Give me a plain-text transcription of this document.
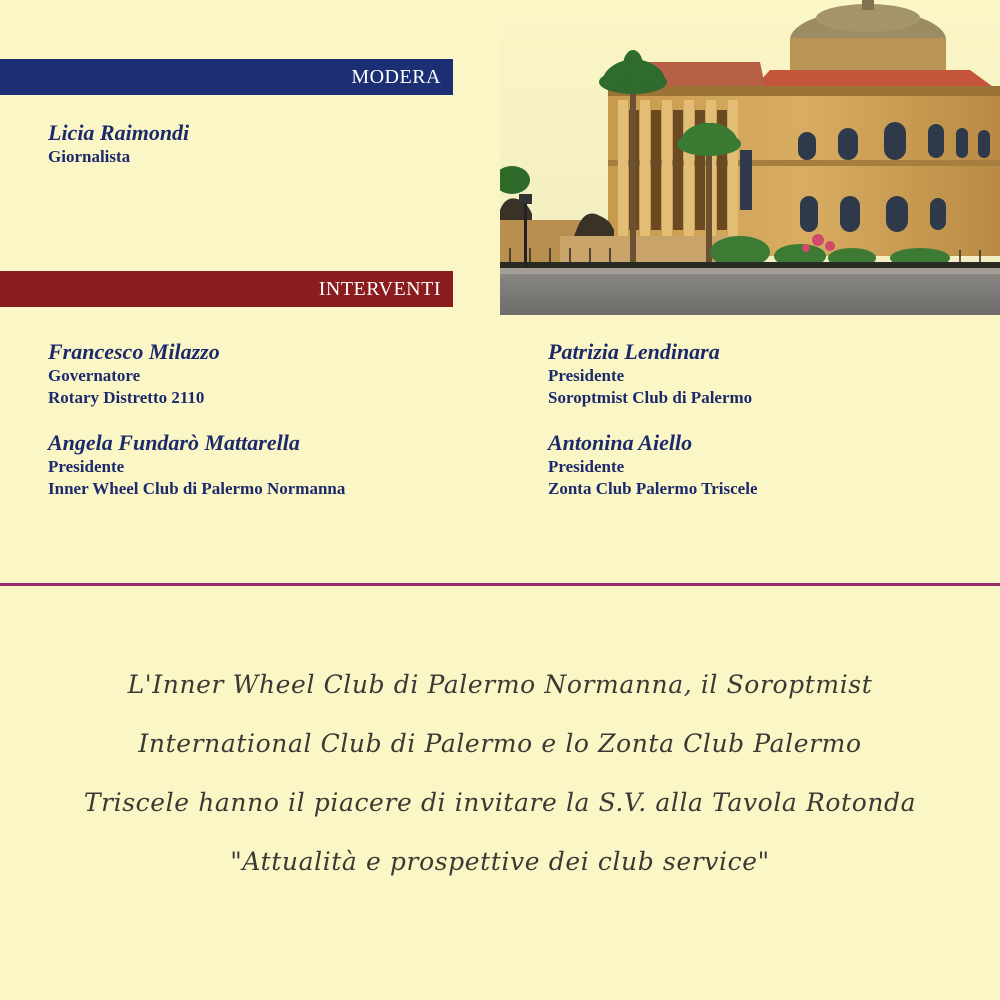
MODERA
Licia Raimondi
Giornalista
INTERVENTI
Francesco Milazzo
Governatore
Rotary Distretto 2110
Angela Fundarò Mattarella
Presidente
Inner Wheel Club di Palermo Normanna
Patrizia Lendinara
Presidente
Soroptmist Club di Palermo
Antonina Aiello
Presidente
Zonta Club Palermo Triscele
L'Inner Wheel Club di Palermo Normanna, il Soroptmist
International Club di Palermo e lo Zonta Club Palermo
Triscele hanno il piacere di invitare la S.V. alla Tavola Rotonda
"Attualità e prospettive dei club service"
